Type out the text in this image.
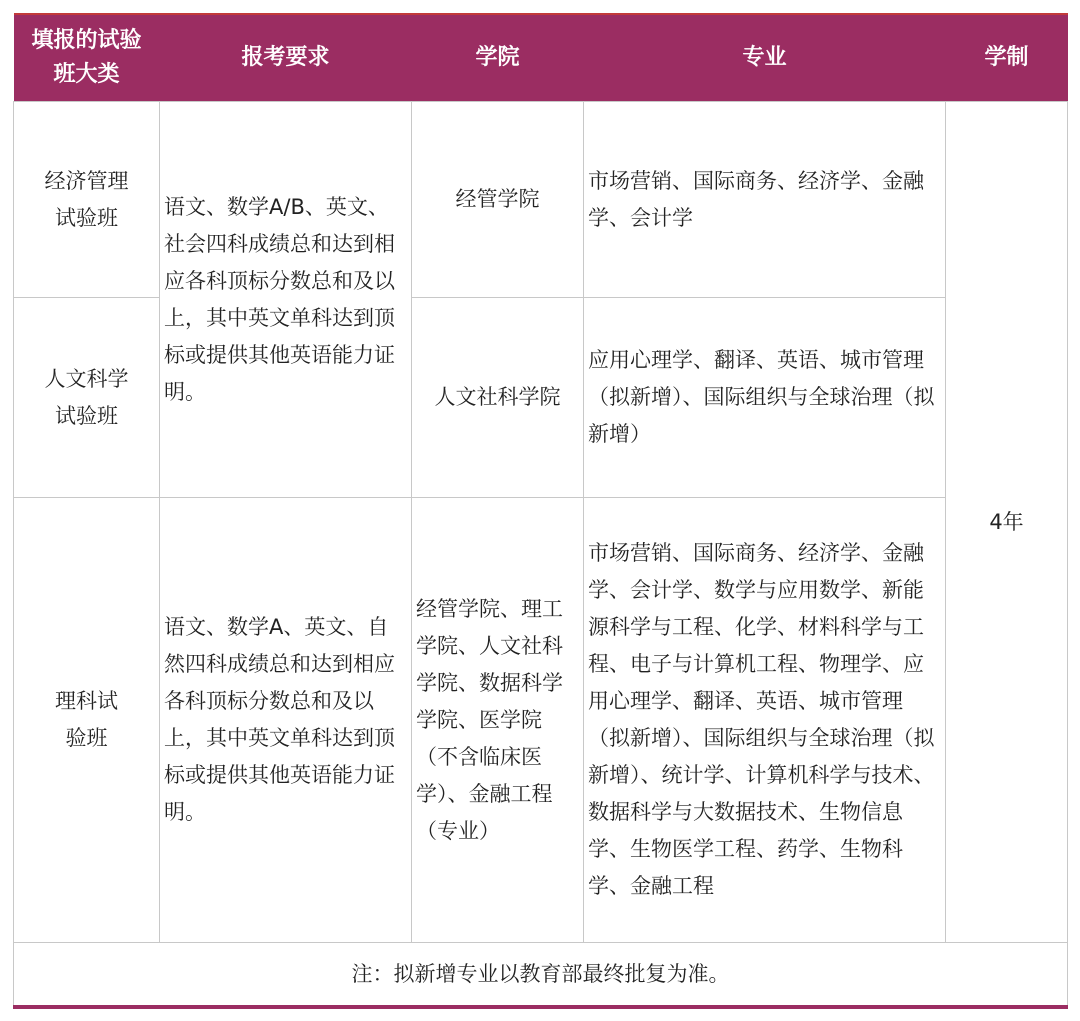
填报的试验班大类	报考要求	学院	专业	学制
经济管理试验班	语文、数学A/B、英文、社会四科成绩总和达到相应各科顶标分数总和及以上，其中英文单科达到顶标或提供其他英语能力证明。	经管学院	市场营销、国际商务、经济学、金融学、会计学	4年
人文科学试验班		人文社科学院	应用心理学、翻译、英语、城市管理（拟新增）、国际组织与全球治理（拟新增）	
理科试验班	语文、数学A、英文、自然四科成绩总和达到相应各科顶标分数总和及以上，其中英文单科达到顶标或提供其他英语能力证明。	经管学院、理工学院、人文社科学院、数据科学学院、医学院（不含临床医学）、金融工程（专业）	市场营销、国际商务、经济学、金融学、会计学、数学与应用数学、新能源科学与工程、化学、材料科学与工程、电子与计算机工程、物理学、应用心理学、翻译、英语、城市管理（拟新增）、国际组织与全球治理（拟新增）、统计学、计算机科学与技术、数据科学与大数据技术、生物信息学、生物医学工程、药学、生物科学、金融工程	
注：拟新增专业以教育部最终批复为准。				
